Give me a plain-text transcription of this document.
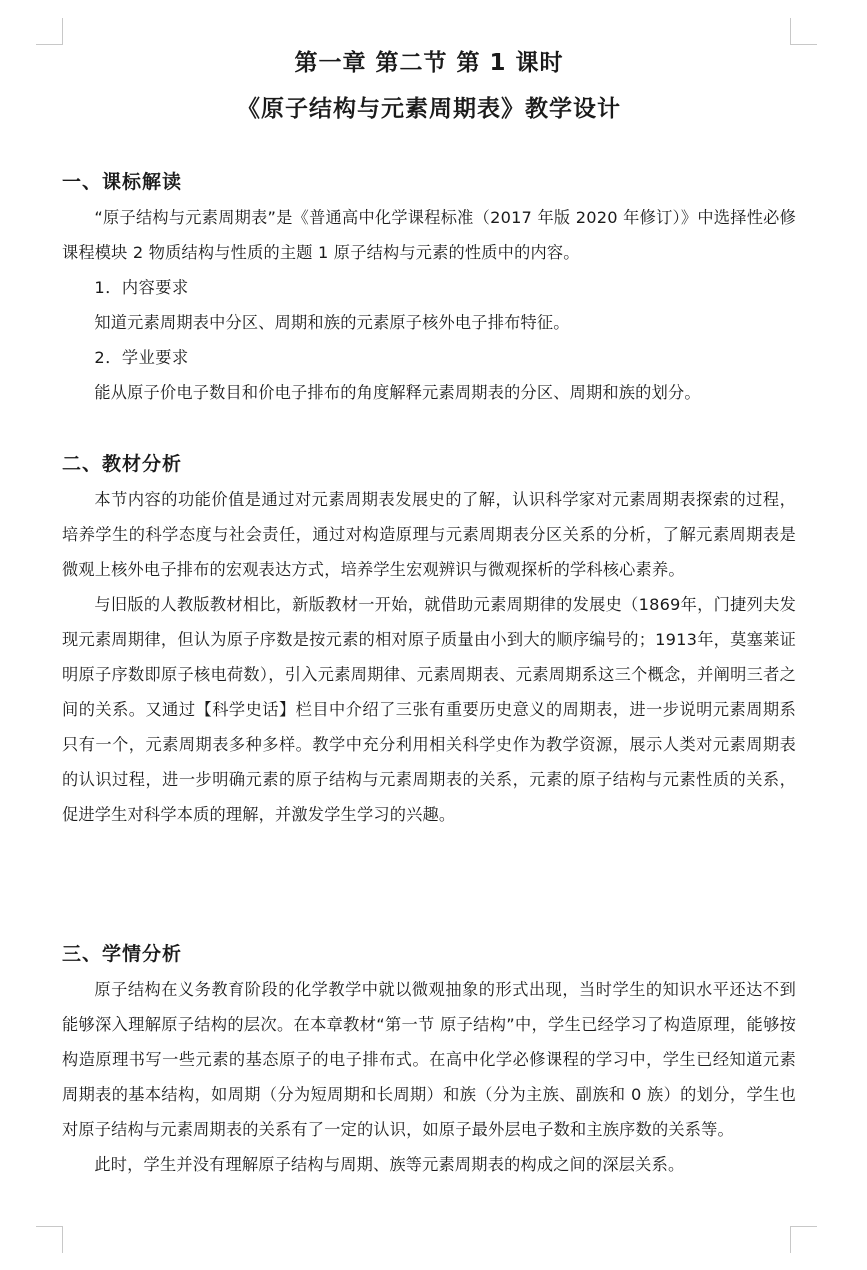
第一章 第二节 第 1 课时
《原子结构与元素周期表》教学设计
一、课标解读

“原子结构与元素周期表”是《普通高中化学课程标准（2017 年版 2020 年修订）》中选择性必修课程模块 2 物质结构与性质的主题 1 原子结构与元素的性质中的内容。

1．内容要求

知道元素周期表中分区、周期和族的元素原子核外电子排布特征。

2．学业要求

能从原子价电子数目和价电子排布的角度解释元素周期表的分区、周期和族的划分。

二、教材分析

本节内容的功能价值是通过对元素周期表发展史的了解，认识科学家对元素周期表探索的过程，培养学生的科学态度与社会责任，通过对构造原理与元素周期表分区关系的分析，了解元素周期表是微观上核外电子排布的宏观表达方式，培养学生宏观辨识与微观探析的学科核心素养。

与旧版的人教版教材相比，新版教材一开始，就借助元素周期律的发展史（1869年，门捷列夫发现元素周期律，但认为原子序数是按元素的相对原子质量由小到大的顺序编号的；1913年，莫塞莱证明原子序数即原子核电荷数），引入元素周期律、元素周期表、元素周期系这三个概念，并阐明三者之间的关系。又通过【科学史话】栏目中介绍了三张有重要历史意义的周期表，进一步说明元素周期系只有一个，元素周期表多种多样。教学中充分利用相关科学史作为教学资源，展示人类对元素周期表的认识过程，进一步明确元素的原子结构与元素周期表的关系，元素的原子结构与元素性质的关系，促进学生对科学本质的理解，并激发学生学习的兴趣。

三、学情分析

原子结构在义务教育阶段的化学教学中就以微观抽象的形式出现，当时学生的知识水平还达不到能够深入理解原子结构的层次。在本章教材“第一节 原子结构”中，学生已经学习了构造原理，能够按构造原理书写一些元素的基态原子的电子排布式。在高中化学必修课程的学习中，学生已经知道元素周期表的基本结构，如周期（分为短周期和长周期）和族（分为主族、副族和 0 族）的划分，学生也对原子结构与元素周期表的关系有了一定的认识，如原子最外层电子数和主族序数的关系等。

此时，学生并没有理解原子结构与周期、族等元素周期表的构成之间的深层关系。
